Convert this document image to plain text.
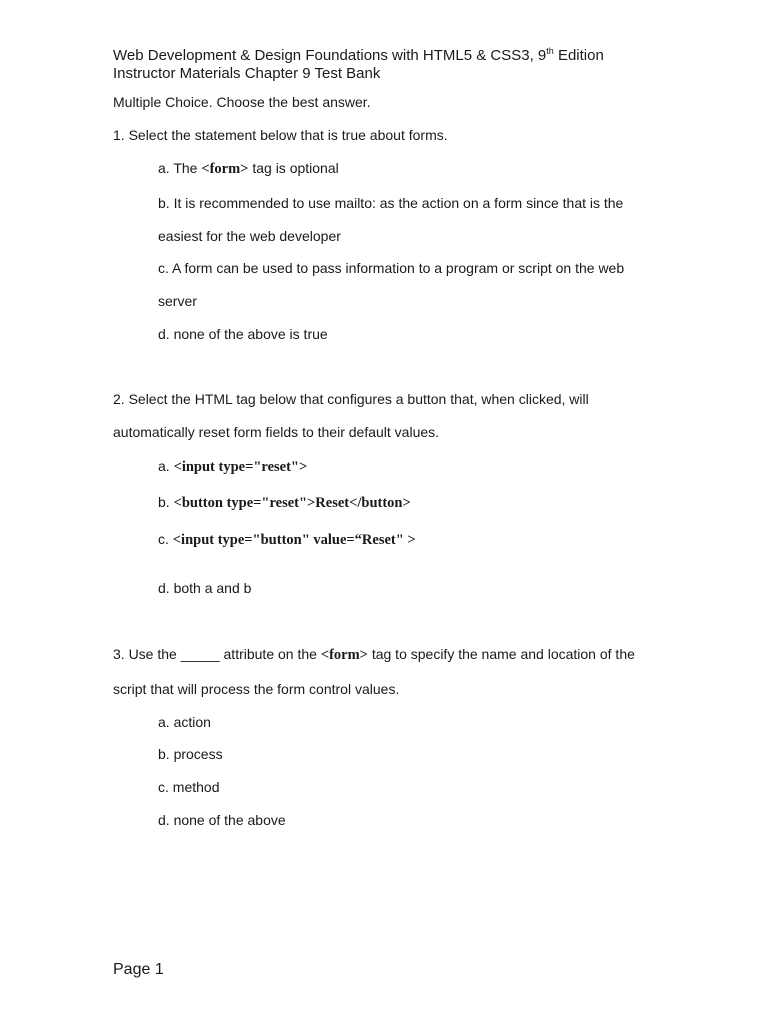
Web Development & Design Foundations with HTML5 & CSS3, 9th Edition
Instructor Materials Chapter 9 Test Bank
Multiple Choice. Choose the best answer.
1. Select the statement below that is true about forms.
a. The <form> tag is optional
b. It is recommended to use mailto: as the action on a form since that is the
easiest for the web developer
c. A form can be used to pass information to a program or script on the web
server
d. none of the above is true
2. Select the HTML tag below that configures a button that, when clicked, will
automatically reset form fields to their default values.
a. <input type="reset">
b. <button type="reset">Reset</button>
c. <input type="button" value=“Reset" >
d. both a and b
3. Use the _____ attribute on the <form> tag to specify the name and location of the
script that will process the form control values.
a. action
b. process
c. method
d. none of the above
Page 1
